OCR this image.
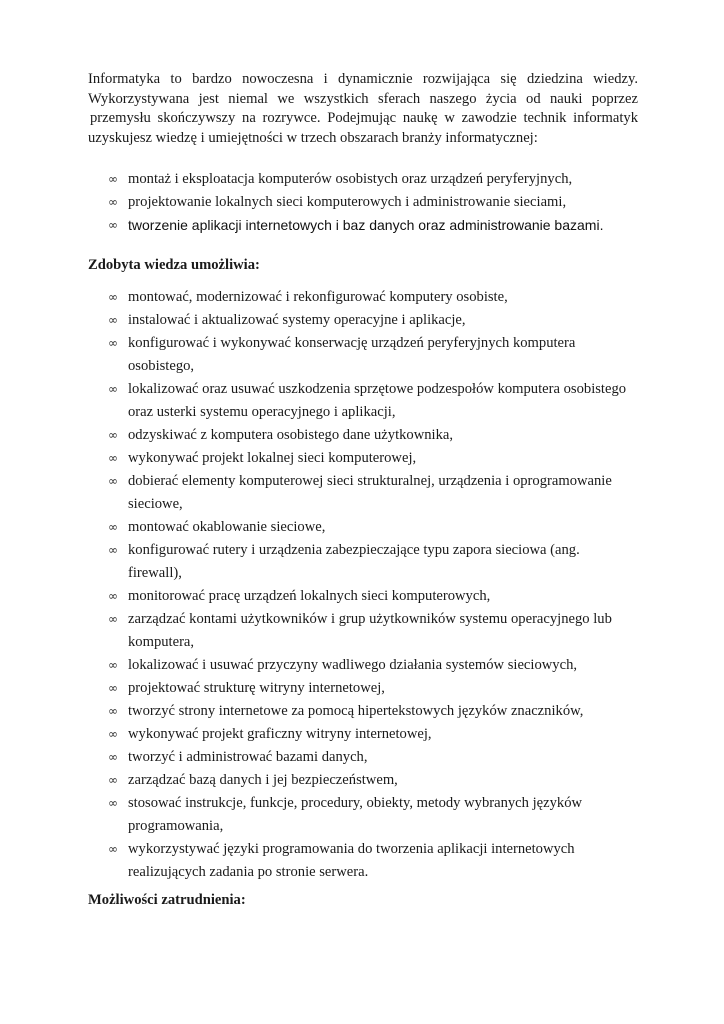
Informatyka to bardzo nowoczesna i dynamicznie rozwijająca się dziedzina wiedzy.
Wykorzystywana jest niemal we wszystkich sferach naszego życia od nauki poprzez
przemysłu skończywszy na rozrywce. Podejmując naukę w zawodzie technik informatyk
uzyskujesz wiedzę i umiejętności w trzech obszarach branży informatycznej:
∞ montaż i eksploatacja komputerów osobistych oraz urządzeń peryferyjnych,
∞ projektowanie lokalnych sieci komputerowych i administrowanie sieciami,
∞ tworzenie aplikacji internetowych i baz danych oraz administrowanie bazami.

Zdobyta wiedza umożliwia:

∞ montować, modernizować i rekonfigurować komputery osobiste,
∞ instalować i aktualizować systemy operacyjne i aplikacje,
∞ konfigurować i wykonywać konserwację urządzeń peryferyjnych komputera
osobistego,
∞ lokalizować oraz usuwać uszkodzenia sprzętowe podzespołów komputera osobistego
oraz usterki systemu operacyjnego i aplikacji,
∞ odzyskiwać z komputera osobistego dane użytkownika,
∞ wykonywać projekt lokalnej sieci komputerowej,
∞ dobierać elementy komputerowej sieci strukturalnej, urządzenia i oprogramowanie
sieciowe,
∞ montować okablowanie sieciowe,
∞ konfigurować rutery i urządzenia zabezpieczające typu zapora sieciowa (ang.
firewall),
∞ monitorować pracę urządzeń lokalnych sieci komputerowych,
∞ zarządzać kontami użytkowników i grup użytkowników systemu operacyjnego lub
komputera,
∞ lokalizować i usuwać przyczyny wadliwego działania systemów sieciowych,
∞ projektować strukturę witryny internetowej,
∞ tworzyć strony internetowe za pomocą hipertekstowych języków znaczników,
∞ wykonywać projekt graficzny witryny internetowej,
∞ tworzyć i administrować bazami danych,
∞ zarządzać bazą danych i jej bezpieczeństwem,
∞ stosować instrukcje, funkcje, procedury, obiekty, metody wybranych języków
programowania,
∞ wykorzystywać języki programowania do tworzenia aplikacji internetowych
realizujących zadania po stronie serwera.

Możliwości zatrudnienia:
